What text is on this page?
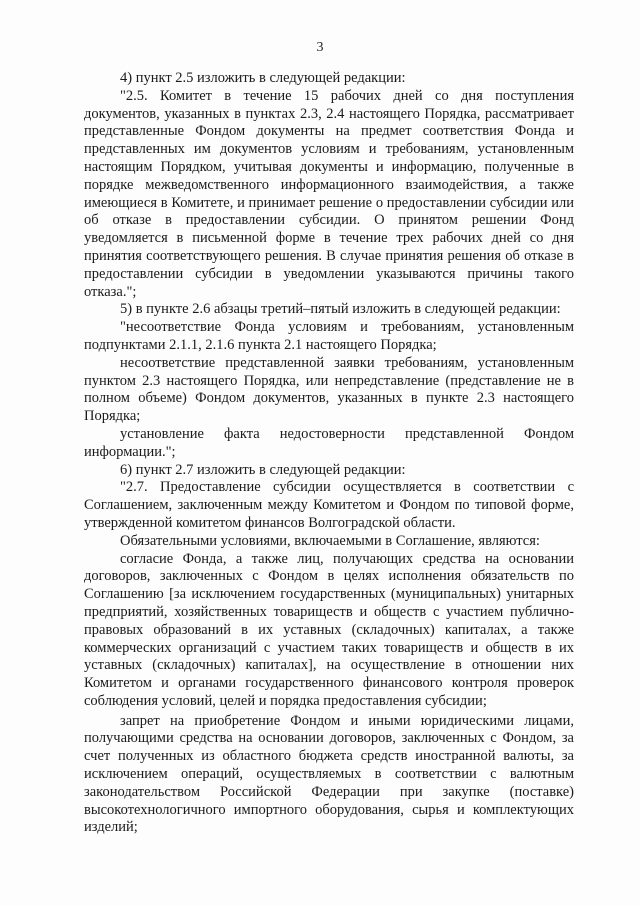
3

4) пункт 2.5 изложить в следующей редакции:

"2.5. Комитет в течение 15 рабочих дней со дня поступления документов, указанных в пунктах 2.3, 2.4 настоящего Порядка, рассматривает представленные Фондом документы на предмет соответствия Фонда и представленных им документов условиям и требованиям, установленным настоящим Порядком, учитывая документы и информацию, полученные в порядке межведомственного информационного взаимодействия, а также имеющиеся в Комитете, и принимает решение о предоставлении субсидии или об отказе в предоставлении субсидии. О принятом решении Фонд уведомляется в письменной форме в течение трех рабочих дней со дня принятия соответствующего решения. В случае принятия решения об отказе в предоставлении субсидии в уведомлении указываются причины такого отказа.";

5) в пункте 2.6 абзацы третий–пятый изложить в следующей редакции:

"несоответствие Фонда условиям и требованиям, установленным подпунктами 2.1.1, 2.1.6 пункта 2.1 настоящего Порядка;

несоответствие представленной заявки требованиям, установленным пунктом 2.3 настоящего Порядка, или непредставление (представление не в полном объеме) Фондом документов, указанных в пункте 2.3 настоящего Порядка;

установление факта недостоверности представленной Фондом информации.";

6) пункт 2.7 изложить в следующей редакции:

"2.7. Предоставление субсидии осуществляется в соответствии с Соглашением, заключенным между Комитетом и Фондом по типовой форме, утвержденной комитетом финансов Волгоградской области.

Обязательными условиями, включаемыми в Соглашение, являются:

согласие Фонда, а также лиц, получающих средства на основании договоров, заключенных с Фондом в целях исполнения обязательств по Соглашению [за исключением государственных (муниципальных) унитарных предприятий, хозяйственных товариществ и обществ с участием публично-правовых образований в их уставных (складочных) капиталах, а также коммерческих организаций с участием таких товариществ и обществ в их уставных (складочных) капиталах], на осуществление в отношении них Комитетом и органами государственного финансового контроля проверок соблюдения условий, целей и порядка предоставления субсидии;

запрет на приобретение Фондом и иными юридическими лицами, получающими средства на основании договоров, заключенных с Фондом, за счет полученных из областного бюджета средств иностранной валюты, за исключением операций, осуществляемых в соответствии с валютным законодательством Российской Федерации при закупке (поставке) высокотехнологичного импортного оборудования, сырья и комплектующих изделий;
